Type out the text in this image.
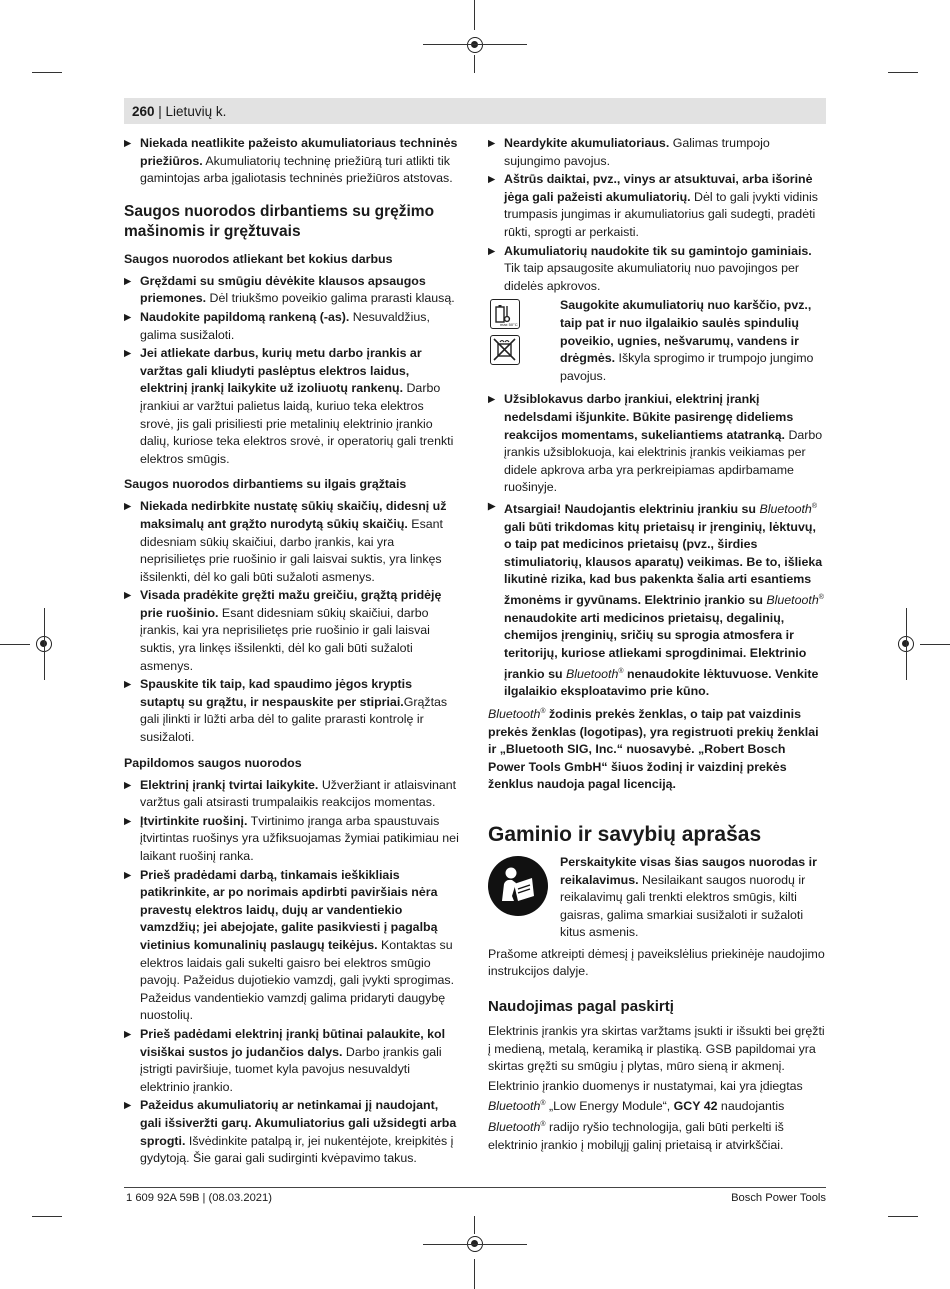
260 | Lietuvių k.

▶ Niekada neatlikite pažeisto akumuliatoriaus techninės priežiūros. Akumuliatorių techninę priežiūrą turi atlikti tik gamintojas arba įgaliotasis techninės priežiūros atstovas.

Saugos nuorodos dirbantiems su gręžimo mašinomis ir gręžtuvais
Saugos nuorodos atliekant bet kokius darbus

▶ Gręždami su smūgiu dėvėkite klausos apsaugos priemones. Dėl triukšmo poveikio galima prarasti klausą.

▶ Naudokite papildomą rankeną (-as). Nesuvaldžius, galima susižaloti.

▶ Jei atliekate darbus, kurių metu darbo įrankis ar varžtas gali kliudyti paslėptus elektros laidus, elektrinį įrankį laikykite už izoliuotų rankenų. Darbo įrankiui ar varžtui palietus laidą, kuriuo teka elektros srovė, jis gali prisiliesti prie metalinių elektrinio įrankio dalių, kuriose teka elektros srovė, ir operatorių gali trenkti elektros smūgis.

Saugos nuorodos dirbantiems su ilgais grąžtais

▶ Niekada nedirbkite nustatę sūkių skaičių, didesnį už maksimalų ant grąžto nurodytą sūkių skaičių. Esant didesniam sūkių skaičiui, darbo įrankis, kai yra neprisilietęs prie ruošinio ir gali laisvai suktis, yra linkęs išsilenkti, dėl ko gali būti sužaloti asmenys.

▶ Visada pradėkite gręžti mažu greičiu, grąžtą pridėję prie ruošinio. Esant didesniam sūkių skaičiui, darbo įrankis, kai yra neprisilietęs prie ruošinio ir gali laisvai suktis, yra linkęs išsilenkti, dėl ko gali būti sužaloti asmenys.

▶ Spauskite tik taip, kad spaudimo jėgos kryptis sutaptų su grąžtu, ir nespauskite per stipriai.Grąžtas gali įlinkti ir lūžti arba dėl to galite prarasti kontrolę ir susižaloti.

Papildomos saugos nuorodos

▶ Elektrinį įrankį tvirtai laikykite. Užveržiant ir atlaisvinant varžtus gali atsirasti trumpalaikis reakcijos momentas.

▶ Įtvirtinkite ruošinį. Tvirtinimo įranga arba spaustuvais įtvirtintas ruošinys yra užfiksuojamas žymiai patikimiau nei laikant ruošinį ranka.

▶ Prieš pradėdami darbą, tinkamais ieškikliais patikrinkite, ar po norimais apdirbti paviršiais nėra pravestų elektros laidų, dujų ar vandentiekio vamzdžių; jei abejojate, galite pasikviesti į pagalbą vietinius komunalinių paslaugų teikėjus. Kontaktas su elektros laidais gali sukelti gaisro bei elektros smūgio pavojų. Pažeidus dujotiekio vamzdį, gali įvykti sprogimas. Pažeidus vandentiekio vamzdį galima pridaryti daugybę nuostolių.

▶ Prieš padėdami elektrinį įrankį būtinai palaukite, kol visiškai sustos jo judančios dalys. Darbo įrankis gali įstrigti paviršiuje, tuomet kyla pavojus nesuvaldyti elektrinio įrankio.

▶ Pažeidus akumuliatorių ar netinkamai jį naudojant, gali išsiveržti garų. Akumuliatorius gali užsidegti arba sprogti. Išvėdinkite patalpą ir, jei nukentėjote, kreipkitės į gydytoją. Šie garai gali sudirginti kvėpavimo takus.

▶ Neardykite akumuliatoriaus. Galimas trumpojo sujungimo pavojus.

▶ Aštrūs daiktai, pvz., vinys ar atsuktuvai, arba išorinė jėga gali pažeisti akumuliatorių. Dėl to gali įvykti vidinis trumpasis jungimas ir akumuliatorius gali sudegti, pradėti rūkti, sprogti ar perkaisti.

▶ Akumuliatorių naudokite tik su gamintojo gaminiais. Tik taip apsaugosite akumuliatorių nuo pavojingos per didelės apkrovos.

max 50°C

Saugokite akumuliatorių nuo karščio, pvz., taip pat ir nuo ilgalaikio saulės spindulių poveikio, ugnies, nešvarumų, vandens ir drėgmės. Iškyla sprogimo ir trumpojo jungimo pavojus.

▶ Užsiblokavus darbo įrankiui, elektrinį įrankį nedelsdami išjunkite. Būkite pasirengę dideliems reakcijos momentams, sukeliantiems atatranką. Darbo įrankis užsiblokuoja, kai elektrinis įrankis veikiamas per didele apkrova arba yra perkreipiamas apdirbamame ruošinyje.

▶ Atsargiai! Naudojantis elektriniu įrankiu su Bluetooth® gali būti trikdomas kitų prietaisų ir įrenginių, lėktuvų, o taip pat medicinos prietaisų (pvz., širdies stimuliatorių, klausos aparatų) veikimas. Be to, išlieka likutinė rizika, kad bus pakenkta šalia arti esantiems žmonėms ir gyvūnams. Elektrinio įrankio su Bluetooth® nenaudokite arti medicinos prietaisų, degalinių, chemijos įrenginių, sričių su sprogia atmosfera ir teritorijų, kuriose atliekami sprogdinimai. Elektrinio įrankio su Bluetooth® nenaudokite lėktuvuose. Venkite ilgalaikio eksploatavimo prie kūno.

Bluetooth® žodinis prekės ženklas, o taip pat vaizdinis prekės ženklas (logotipas), yra registruoti prekių ženklai ir „Bluetooth SIG, Inc.“ nuosavybė. „Robert Bosch Power Tools GmbH“ šiuos žodinį ir vaizdinį prekės ženklus naudoja pagal licenciją.

Gaminio ir savybių aprašas

Perskaitykite visas šias saugos nuorodas ir reikalavimus. Nesilaikant saugos nuorodų ir reikalavimų gali trenkti elektros smūgis, kilti gaisras, galima smarkiai susižaloti ir sužaloti kitus asmenis.

Prašome atkreipti dėmesį į paveikslėlius priekinėje naudojimo instrukcijos dalyje.

Naudojimas pagal paskirtį

Elektrinis įrankis yra skirtas varžtams įsukti ir išsukti bei gręžti į medieną, metalą, keramiką ir plastiką. GSB papildomai yra skirtas gręžti su smūgiu į plytas, mūro sieną ir akmenį.

Elektrinio įrankio duomenys ir nustatymai, kai yra įdiegtas Bluetooth® „Low Energy Module“, GCY 42 naudojantis Bluetooth® radijo ryšio technologija, gali būti perkelti iš elektrinio įrankio į mobilųjį galinį prietaisą ir atvirkščiai.

1 609 92A 59B | (08.03.2021)	Bosch Power Tools
